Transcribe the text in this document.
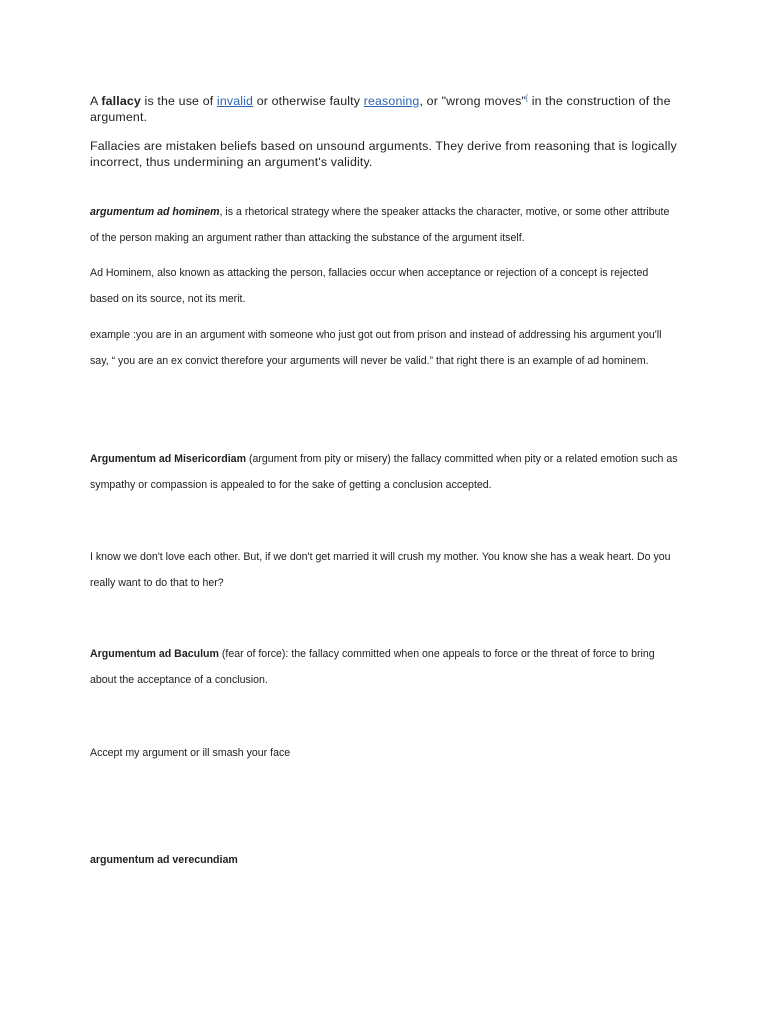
A fallacy is the use of invalid or otherwise faulty reasoning, or "wrong moves"[ in the construction of the argument.

Fallacies are mistaken beliefs based on unsound arguments. They derive from reasoning that is logically incorrect, thus undermining an argument's validity.

argumentum ad hominem, is a rhetorical strategy where the speaker attacks the character, motive, or some other attribute of the person making an argument rather than attacking the substance of the argument itself.

Ad Hominem, also known as attacking the person, fallacies occur when acceptance or rejection of a concept is rejected based on its source, not its merit.

example :you are in an argument with someone who just got out from prison and instead of addressing his argument you'll say, “ you are an ex convict therefore your arguments will never be valid.” that right there is an example of ad hominem.

Argumentum ad Misericordiam (argument from pity or misery) the fallacy committed when pity or a related emotion such as sympathy or compassion is appealed to for the sake of getting a conclusion accepted.

I know we don't love each other. But, if we don't get married it will crush my mother. You know she has a weak heart. Do you really want to do that to her?

Argumentum ad Baculum (fear of force): the fallacy committed when one appeals to force or the threat of force to bring about the acceptance of a conclusion.

Accept my argument or ill smash your face

argumentum ad verecundiam
